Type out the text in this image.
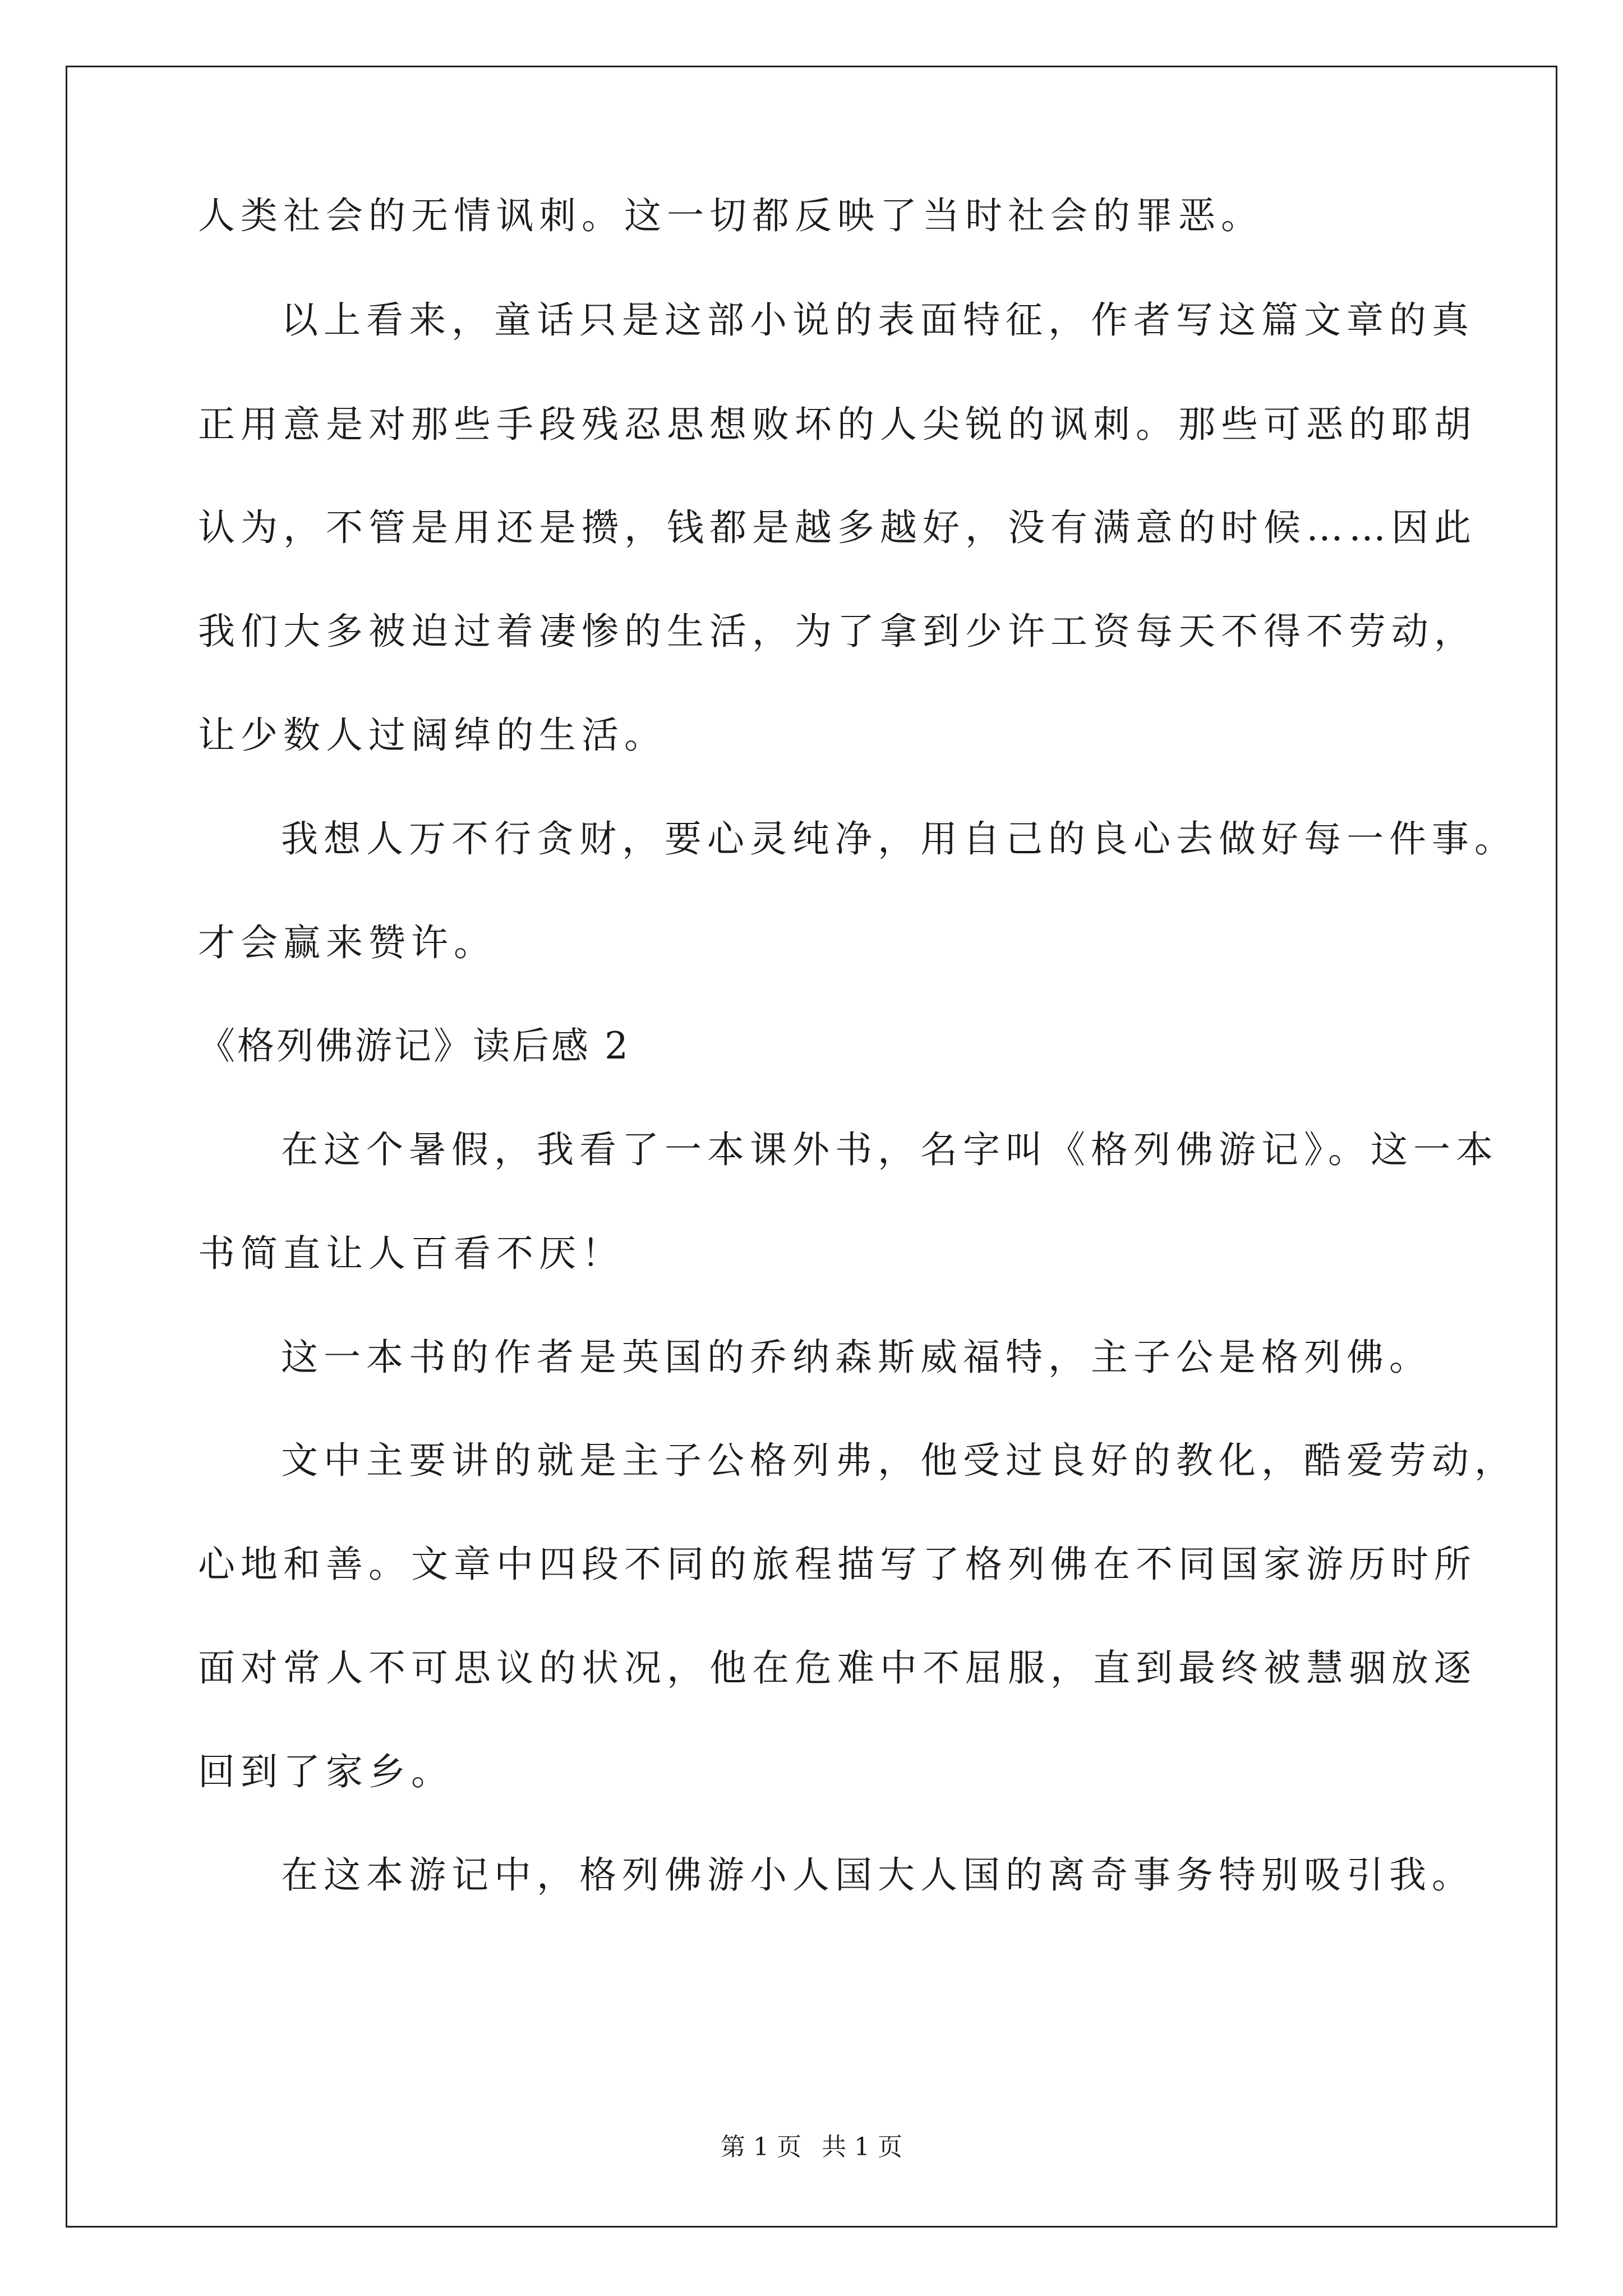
人类社会的无情讽刺。这一切都反映了当时社会的罪恶。
以上看来，童话只是这部小说的表面特征，作者写这篇文章的真
正用意是对那些手段残忍思想败坏的人尖锐的讽刺。那些可恶的耶胡
认为，不管是用还是攒，钱都是越多越好，没有满意的时候……因此
我们大多被迫过着凄惨的生活，为了拿到少许工资每天不得不劳动，
让少数人过阔绰的生活。
我想人万不行贪财，要心灵纯净，用自己的良心去做好每一件事。
才会赢来赞许。
《格列佛游记》读后感 2
在这个暑假，我看了一本课外书，名字叫《格列佛游记》。这一本
书简直让人百看不厌！
这一本书的作者是英国的乔纳森斯威福特，主子公是格列佛。
文中主要讲的就是主子公格列弗，他受过良好的教化，酷爱劳动，
心地和善。文章中四段不同的旅程描写了格列佛在不同国家游历时所
面对常人不可思议的状况，他在危难中不屈服，直到最终被慧骃放逐
回到了家乡。
在这本游记中，格列佛游小人国大人国的离奇事务特别吸引我。
第 1 页 共 1 页
